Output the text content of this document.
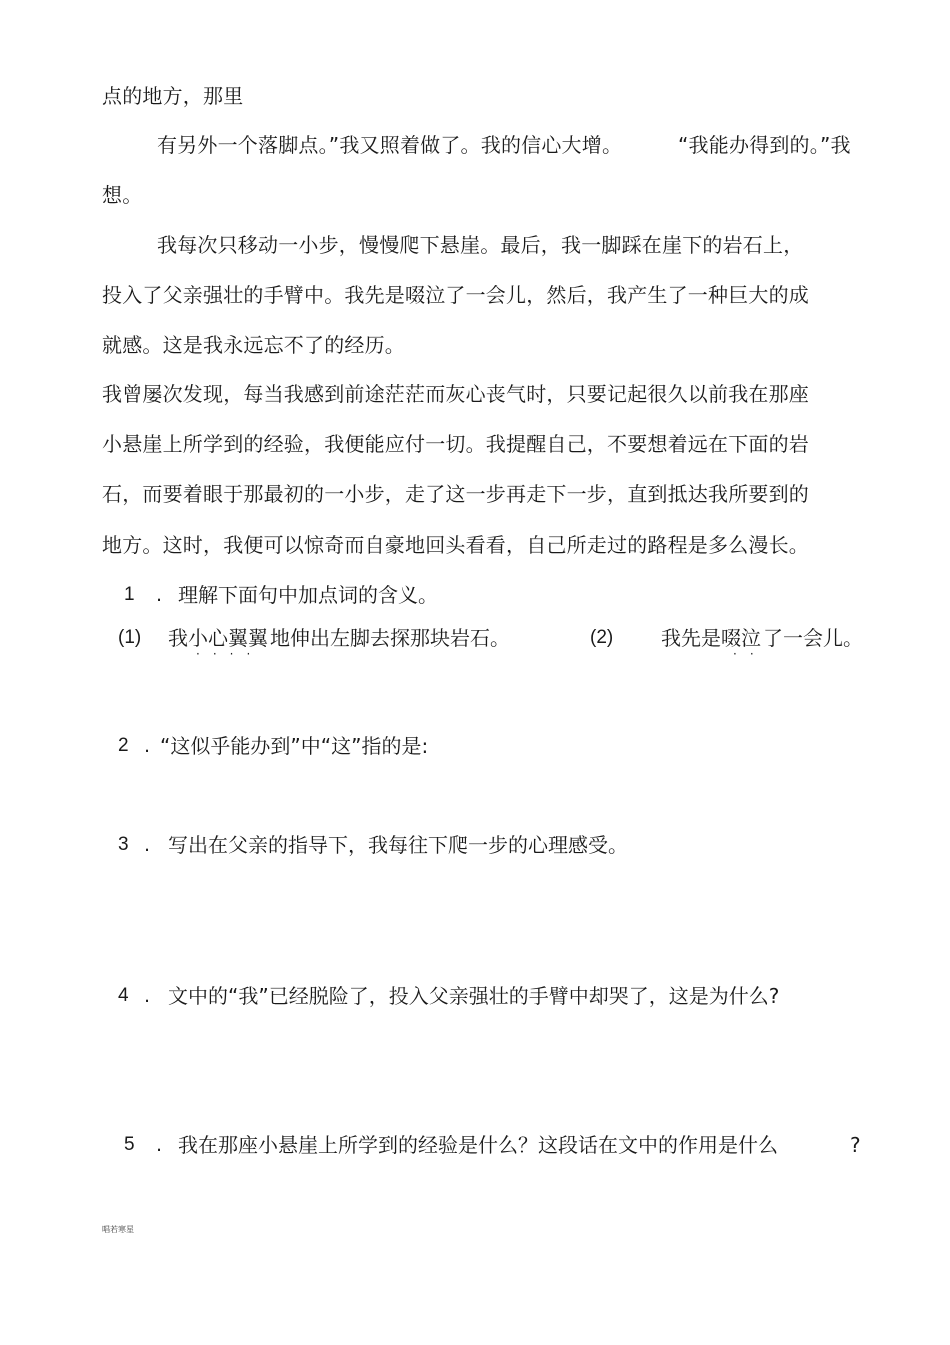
点的地方，那里
有另外一个落脚点。”我又照着做了。我的信心大增。	“我能办得到的。”我
想。
我每次只移动一小步，慢慢爬下悬崖。最后，我一脚踩在崖下的岩石上，
投入了父亲强壮的手臂中。我先是啜泣了一会儿，然后，我产生了一种巨大的成
就感。这是我永远忘不了的经历。
我曾屡次发现，每当我感到前途茫茫而灰心丧气时，只要记起很久以前我在那座
小悬崖上所学到的经验，我便能应付一切。我提醒自己，不要想着远在下面的岩
石，而要着眼于那最初的一小步，走了这一步再走下一步，直到抵达我所要到的
地方。这时，我便可以惊奇而自豪地回头看看，自己所走过的路程是多么漫长。
1 . 理解下面句中加点词的含义。
(1) 我小心翼翼 地伸出左脚去探那块岩石。
····
(2) 我先是啜泣 了一会儿。
··
2 . “这似乎能办到”中“这”指的是:
3 . 写出在父亲的指导下，我每往下爬一步的心理感受。
4 . 文中的“我”已经脱险了，投入父亲强壮的手臂中却哭了，这是为什么?
5 . 我在那座小悬崖上所学到的经验是什么？这段话在文中的作用是什么	?
唱若寒星
